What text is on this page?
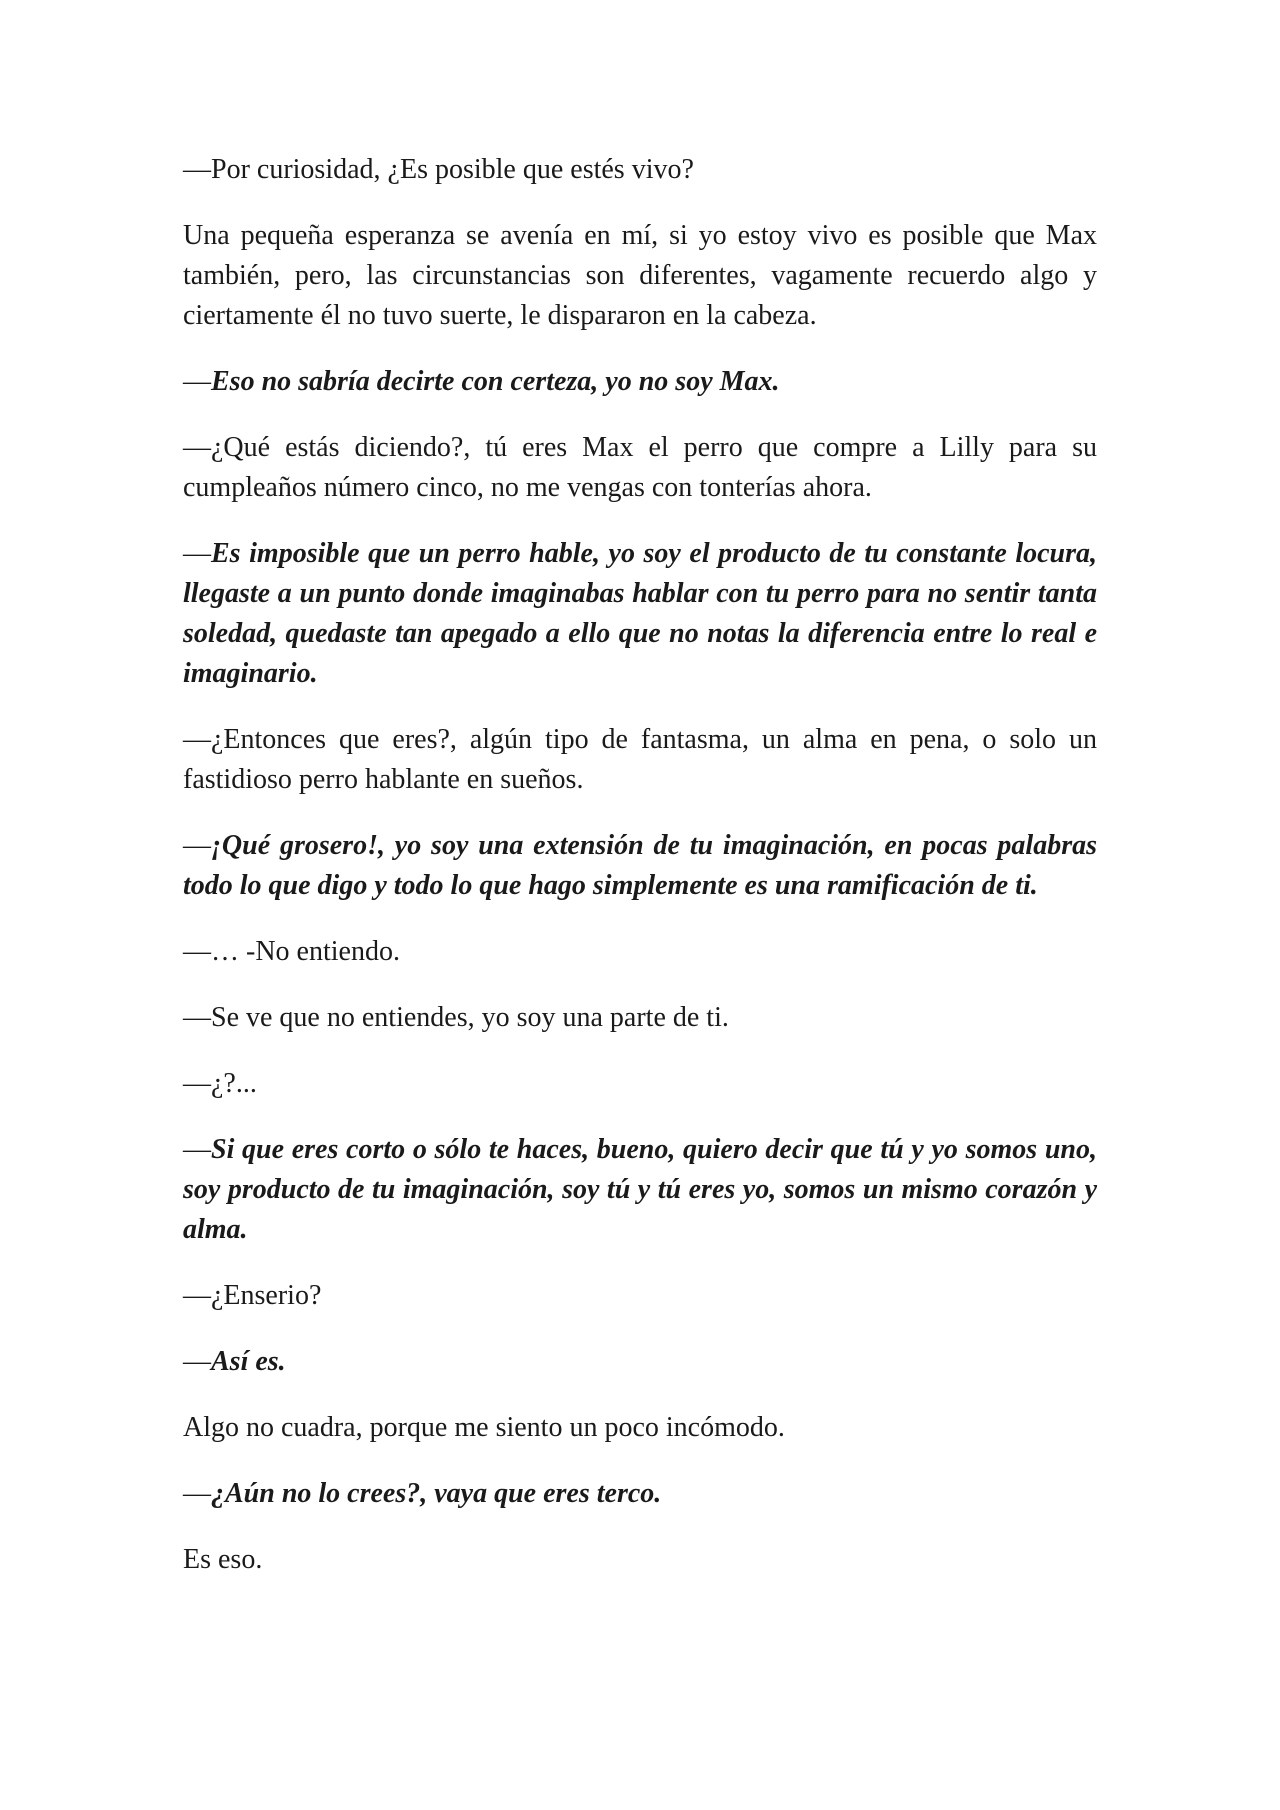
—Por curiosidad, ¿Es posible que estés vivo?

Una pequeña esperanza se avenía en mí, si yo estoy vivo es posible que Max también, pero, las circunstancias son diferentes, vagamente recuerdo algo y ciertamente él no tuvo suerte, le dispararon en la cabeza.

—Eso no sabría decirte con certeza, yo no soy Max.

—¿Qué estás diciendo?, tú eres Max el perro que compre a Lilly para su cumpleaños número cinco, no me vengas con tonterías ahora.

—Es imposible que un perro hable, yo soy el producto de tu constante locura, llegaste a un punto donde imaginabas hablar con tu perro para no sentir tanta soledad, quedaste tan apegado a ello que no notas la diferencia entre lo real e imaginario.

—¿Entonces que eres?, algún tipo de fantasma, un alma en pena, o solo un fastidioso perro hablante en sueños.

—¡Qué grosero!, yo soy una extensión de tu imaginación, en pocas palabras todo lo que digo y todo lo que hago simplemente es una ramificación de ti.

—… -No entiendo.

—Se ve que no entiendes, yo soy una parte de ti.

—¿?...

—Si que eres corto o sólo te haces, bueno, quiero decir que tú y yo somos uno, soy producto de tu imaginación, soy tú y tú eres yo, somos un mismo corazón y alma.

—¿Enserio?

—Así es.

Algo no cuadra, porque me siento un poco incómodo.

—¿Aún no lo crees?, vaya que eres terco.

Es eso.
